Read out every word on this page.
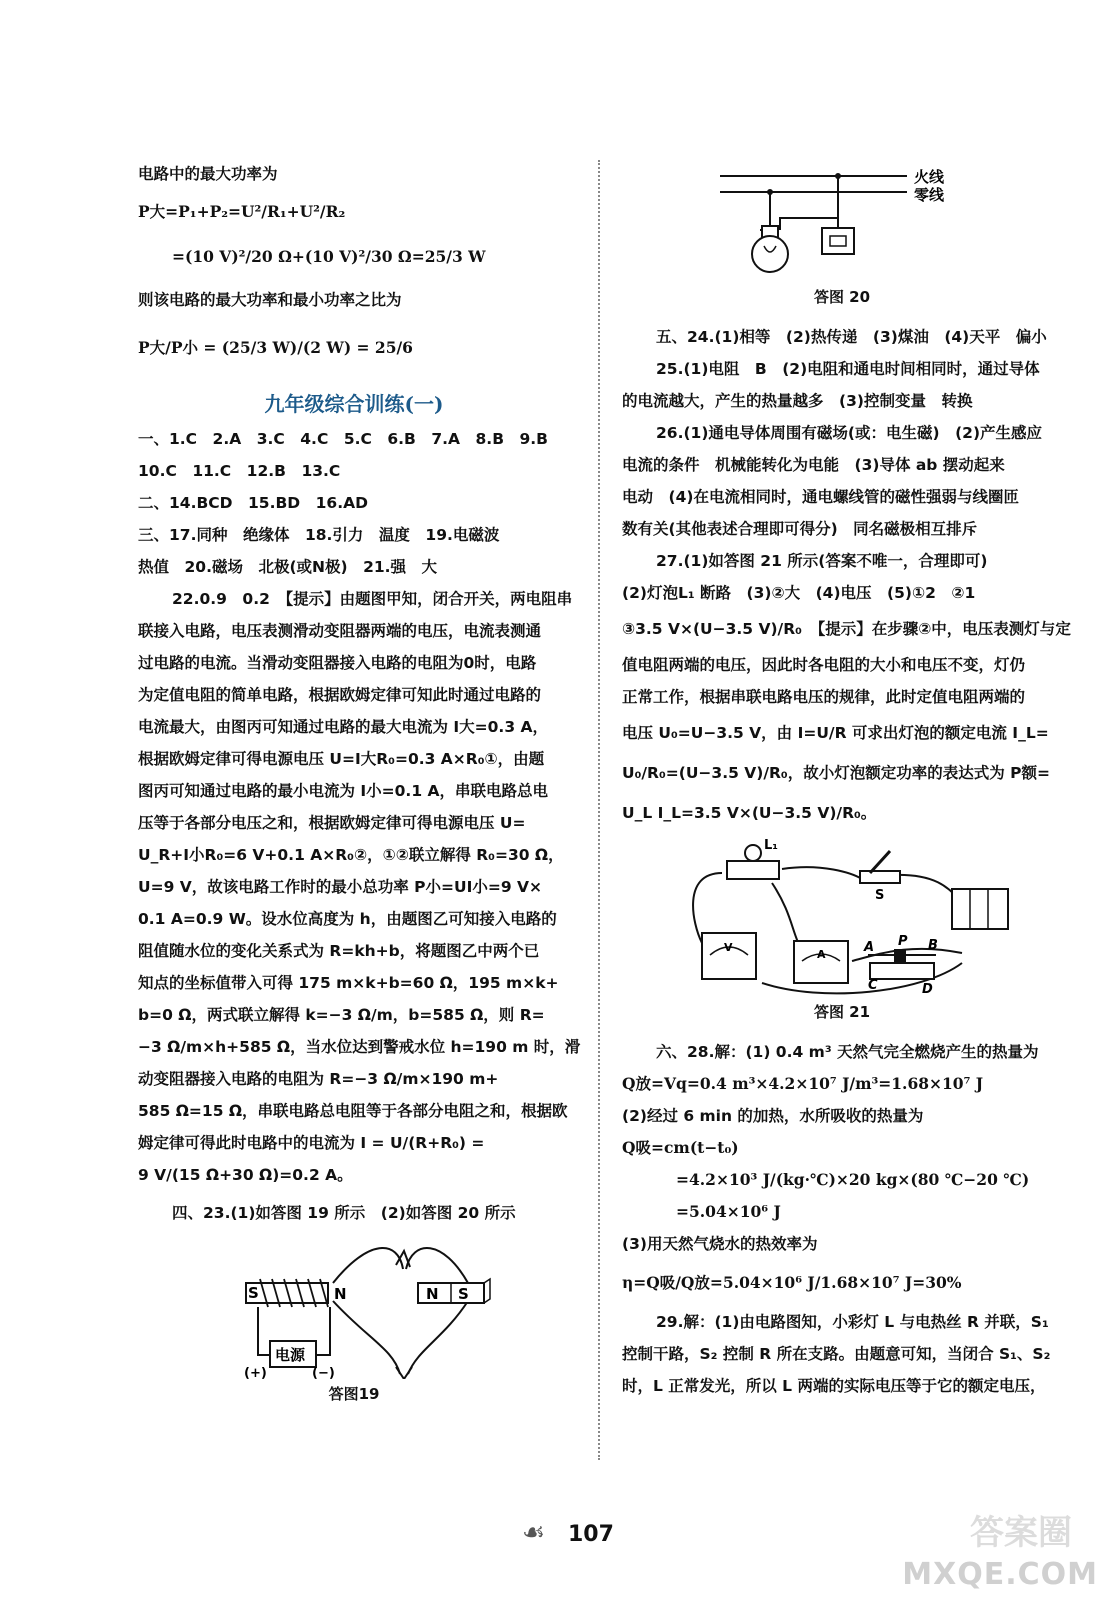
电路中的最大功率为
P大=P₁+P₂=U²/R₁+U²/R₂
=(10 V)²/20 Ω+(10 V)²/30 Ω=25/3 W
则该电路的最大功率和最小功率之比为
P大/P小 = (25/3 W)/(2 W) = 25/6
九年级综合训练(一)
一、1.C　2.A　3.C　4.C　5.C　6.B　7.A　8.B　9.B
10.C　11.C　12.B　13.C
二、14.BCD　15.BD　16.AD
三、17.同种　绝缘体　18.引力　温度　19.电磁波
热值　20.磁场　北极(或N极)　21.强　大
22.0.9　0.2　【提示】由题图甲知，闭合开关，两电阻串
联接入电路，电压表测滑动变阻器两端的电压，电流表测通
过电路的电流。当滑动变阻器接入电路的电阻为0时，电路
为定值电阻的简单电路，根据欧姆定律可知此时通过电路的
电流最大，由图丙可知通过电路的最大电流为 I大=0.3 A，
根据欧姆定律可得电源电压 U=I大R₀=0.3 A×R₀①，由题
图丙可知通过电路的最小电流为 I小=0.1 A，串联电路总电
压等于各部分电压之和，根据欧姆定律可得电源电压 U=
U_R+I小R₀=6 V+0.1 A×R₀②，①②联立解得 R₀=30 Ω，
U=9 V，故该电路工作时的最小总功率 P小=UI小=9 V×
0.1 A=0.9 W。设水位高度为 h，由题图乙可知接入电路的
阻值随水位的变化关系式为 R=kh+b，将题图乙中两个已
知点的坐标值带入可得 175 m×k+b=60 Ω，195 m×k+
b=0 Ω，两式联立解得 k=−3 Ω/m，b=585 Ω，则 R=
−3 Ω/m×h+585 Ω，当水位达到警戒水位 h=190 m 时，滑
动变阻器接入电路的电阻为 R=−3 Ω/m×190 m+
585 Ω=15 Ω，串联电路总电阻等于各部分电阻之和，根据欧
姆定律可得此时电路中的电流为 I = U/(R+R₀) =
9 V/(15 Ω+30 Ω)=0.2 A。
四、23.(1)如答图 19 所示　(2)如答图 20 所示
S	N	N S
电源
(+)	(−)
答图19
火线
零线
答图 20
五、24.(1)相等　(2)热传递　(3)煤油　(4)天平　偏小
25.(1)电阻　B　(2)电阻和通电时间相同时，通过导体
的电流越大，产生的热量越多　(3)控制变量　转换
26.(1)通电导体周围有磁场(或：电生磁)　(2)产生感应
电流的条件　机械能转化为电能　(3)导体 ab 摆动起来
电动　(4)在电流相同时，通电螺线管的磁性强弱与线圈匝
数有关(其他表述合理即可得分)　同名磁极相互排斥
27.(1)如答图 21 所示(答案不唯一，合理即可)
(2)灯泡L₁ 断路　(3)②大　(4)电压　(5)①2　②1
③3.5 V×(U−3.5 V)/R₀　【提示】在步骤②中，电压表测灯与定
值电阻两端的电压，因此时各电阻的大小和电压不变，灯仍
正常工作，根据串联电路电压的规律，此时定值电阻两端的
电压 U₀=U−3.5 V，由 I=U/R 可求出灯泡的额定电流 I_L=
U₀/R₀=(U−3.5 V)/R₀，故小灯泡额定功率的表达式为 P额=
U_L I_L=3.5 V×(U−3.5 V)/R₀。
L₁
S
V
A	A P B
C	D
答图 21
六、28.解：(1) 0.4 m³ 天然气完全燃烧产生的热量为
Q放=Vq=0.4 m³×4.2×10⁷ J/m³=1.68×10⁷ J
(2)经过 6 min 的加热，水所吸收的热量为
Q吸=cm(t−t₀)
=4.2×10³ J/(kg·℃)×20 kg×(80 ℃−20 ℃)
=5.04×10⁶ J
(3)用天然气烧水的热效率为
η=Q吸/Q放=5.04×10⁶ J/1.68×10⁷ J=30%
29.解：(1)由电路图知，小彩灯 L 与电热丝 R 并联，S₁
控制干路，S₂ 控制 R 所在支路。由题意可知，当闭合 S₁、S₂
时，L 正常发光，所以 L 两端的实际电压等于它的额定电压，
☙ 107	答案圈
MXQE.COM
